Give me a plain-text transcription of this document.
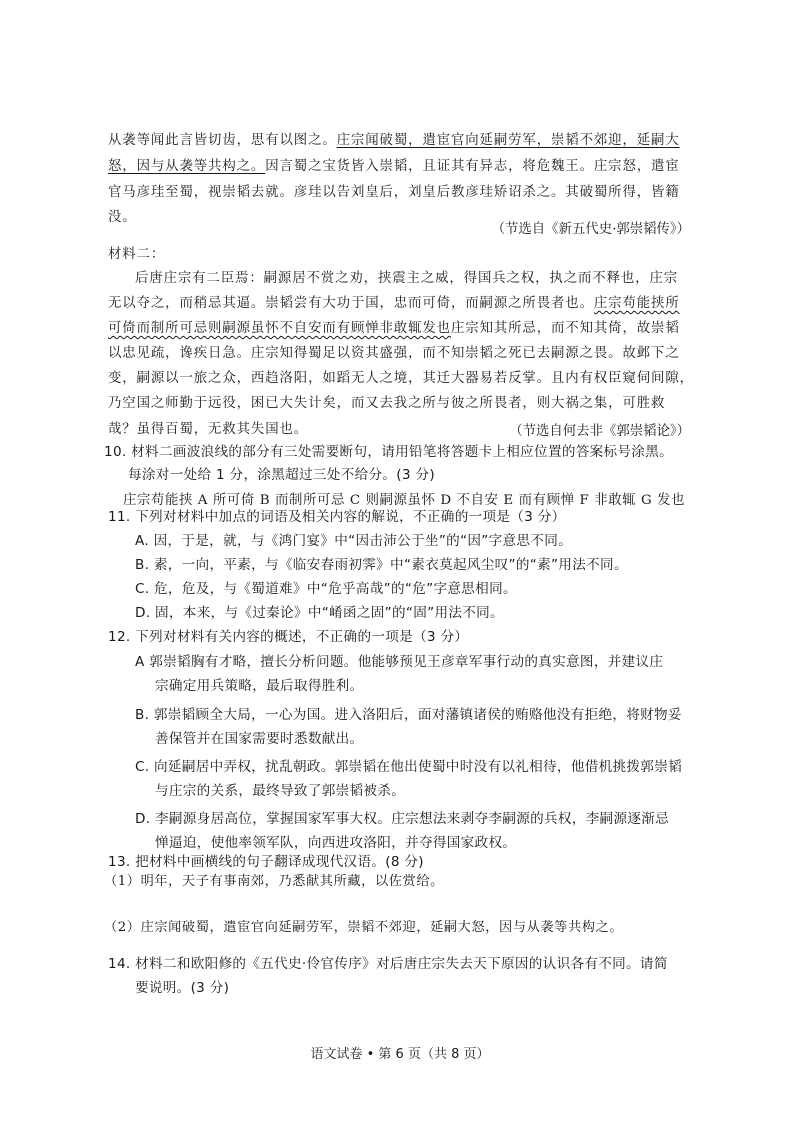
从袭等闻此言皆切齿，思有以图之。庄宗闻破蜀，遣宦官向延嗣劳军，崇韬不郊迎，延嗣大
怒，因与从袭等共构之。因言蜀之宝货皆入崇韬，且证其有异志，将危魏王。庄宗怒，遣宦
官马彦珪至蜀，视崇韬去就。彦珪以告刘皇后，刘皇后教彦珪矫诏杀之。其破蜀所得，皆籍
没。
（节选自《新五代史·郭崇韬传》）
材料二：
后唐庄宗有二臣焉：嗣源居不赏之劝，挟震主之威，得国兵之权，执之而不释也，庄宗
无以夺之，而稍忌其逼。崇韬尝有大功于国，忠而可倚，而嗣源之所畏者也。庄宗苟能挟所
可倚而制所可忌则嗣源虽怀不自安而有顾惮非敢辄发也庄宗知其所忌，而不知其倚，故崇韬
以忠见疏，谗疾日急。庄宗知得蜀足以资其盛强，而不知崇韬之死已去嗣源之畏。故邺下之
变，嗣源以一旅之众，西趋洛阳，如蹈无人之境，其迁大器易若反掌。且内有权臣窥伺间隙，
乃空国之师勤于远役，困已大失计矣，而又去我之所与彼之所畏者，则大祸之集，可胜救
哉？虽得百蜀，无救其失国也。	（节选自何去非《郭崇韬论》）
10. 材料二画波浪线的部分有三处需要断句，请用铅笔将答题卡上相应位置的答案标号涂黑。
每涂对一处给 1 分，涂黑超过三处不给分。(3 分)
庄宗苟能挟 A 所可倚 B 而制所可忌 C 则嗣源虽怀 D 不自安 E 而有顾惮 F 非敢辄 G 发也
11. 下列对材料中加点的词语及相关内容的解说，不正确的一项是（3 分）
A. 因，于是，就，与《鸿门宴》中“因击沛公于坐”的“因”字意思不同。
B. 素，一向，平素，与《临安春雨初霁》中“素衣莫起风尘叹”的“素”用法不同。
C. 危，危及，与《蜀道难》中“危乎高哉”的“危”字意思相同。
D. 固，本来，与《过秦论》中“崤函之固”的“固”用法不同。
12. 下列对材料有关内容的概述，不正确的一项是（3 分）
A 郭崇韬胸有才略，擅长分析问题。他能够预见王彦章军事行动的真实意图，并建议庄
宗确定用兵策略，最后取得胜利。
B. 郭崇韬顾全大局，一心为国。进入洛阳后，面对藩镇诸侯的贿赂他没有拒绝，将财物妥
善保管并在国家需要时悉数献出。
C. 向延嗣居中弄权，扰乱朝政。郭崇韬在他出使蜀中时没有以礼相待，他借机挑拨郭崇韬
与庄宗的关系，最终导致了郭崇韬被杀。
D. 李嗣源身居高位，掌握国家军事大权。庄宗想法来剥夺李嗣源的兵权，李嗣源逐渐忌
惮逼迫，使他率领军队，向西进攻洛阳，并夺得国家政权。
13. 把材料中画横线的句子翻译成现代汉语。(8 分)
（1）明年，天子有事南郊，乃悉献其所藏，以佐赏给。
（2）庄宗闻破蜀，遣宦官向延嗣劳军，崇韬不郊迎，延嗣大怒，因与从袭等共构之。
14. 材料二和欧阳修的《五代史·伶官传序》对后唐庄宗失去天下原因的认识各有不同。请简
要说明。(3 分)
语文试卷 • 第 6 页（共 8 页）
